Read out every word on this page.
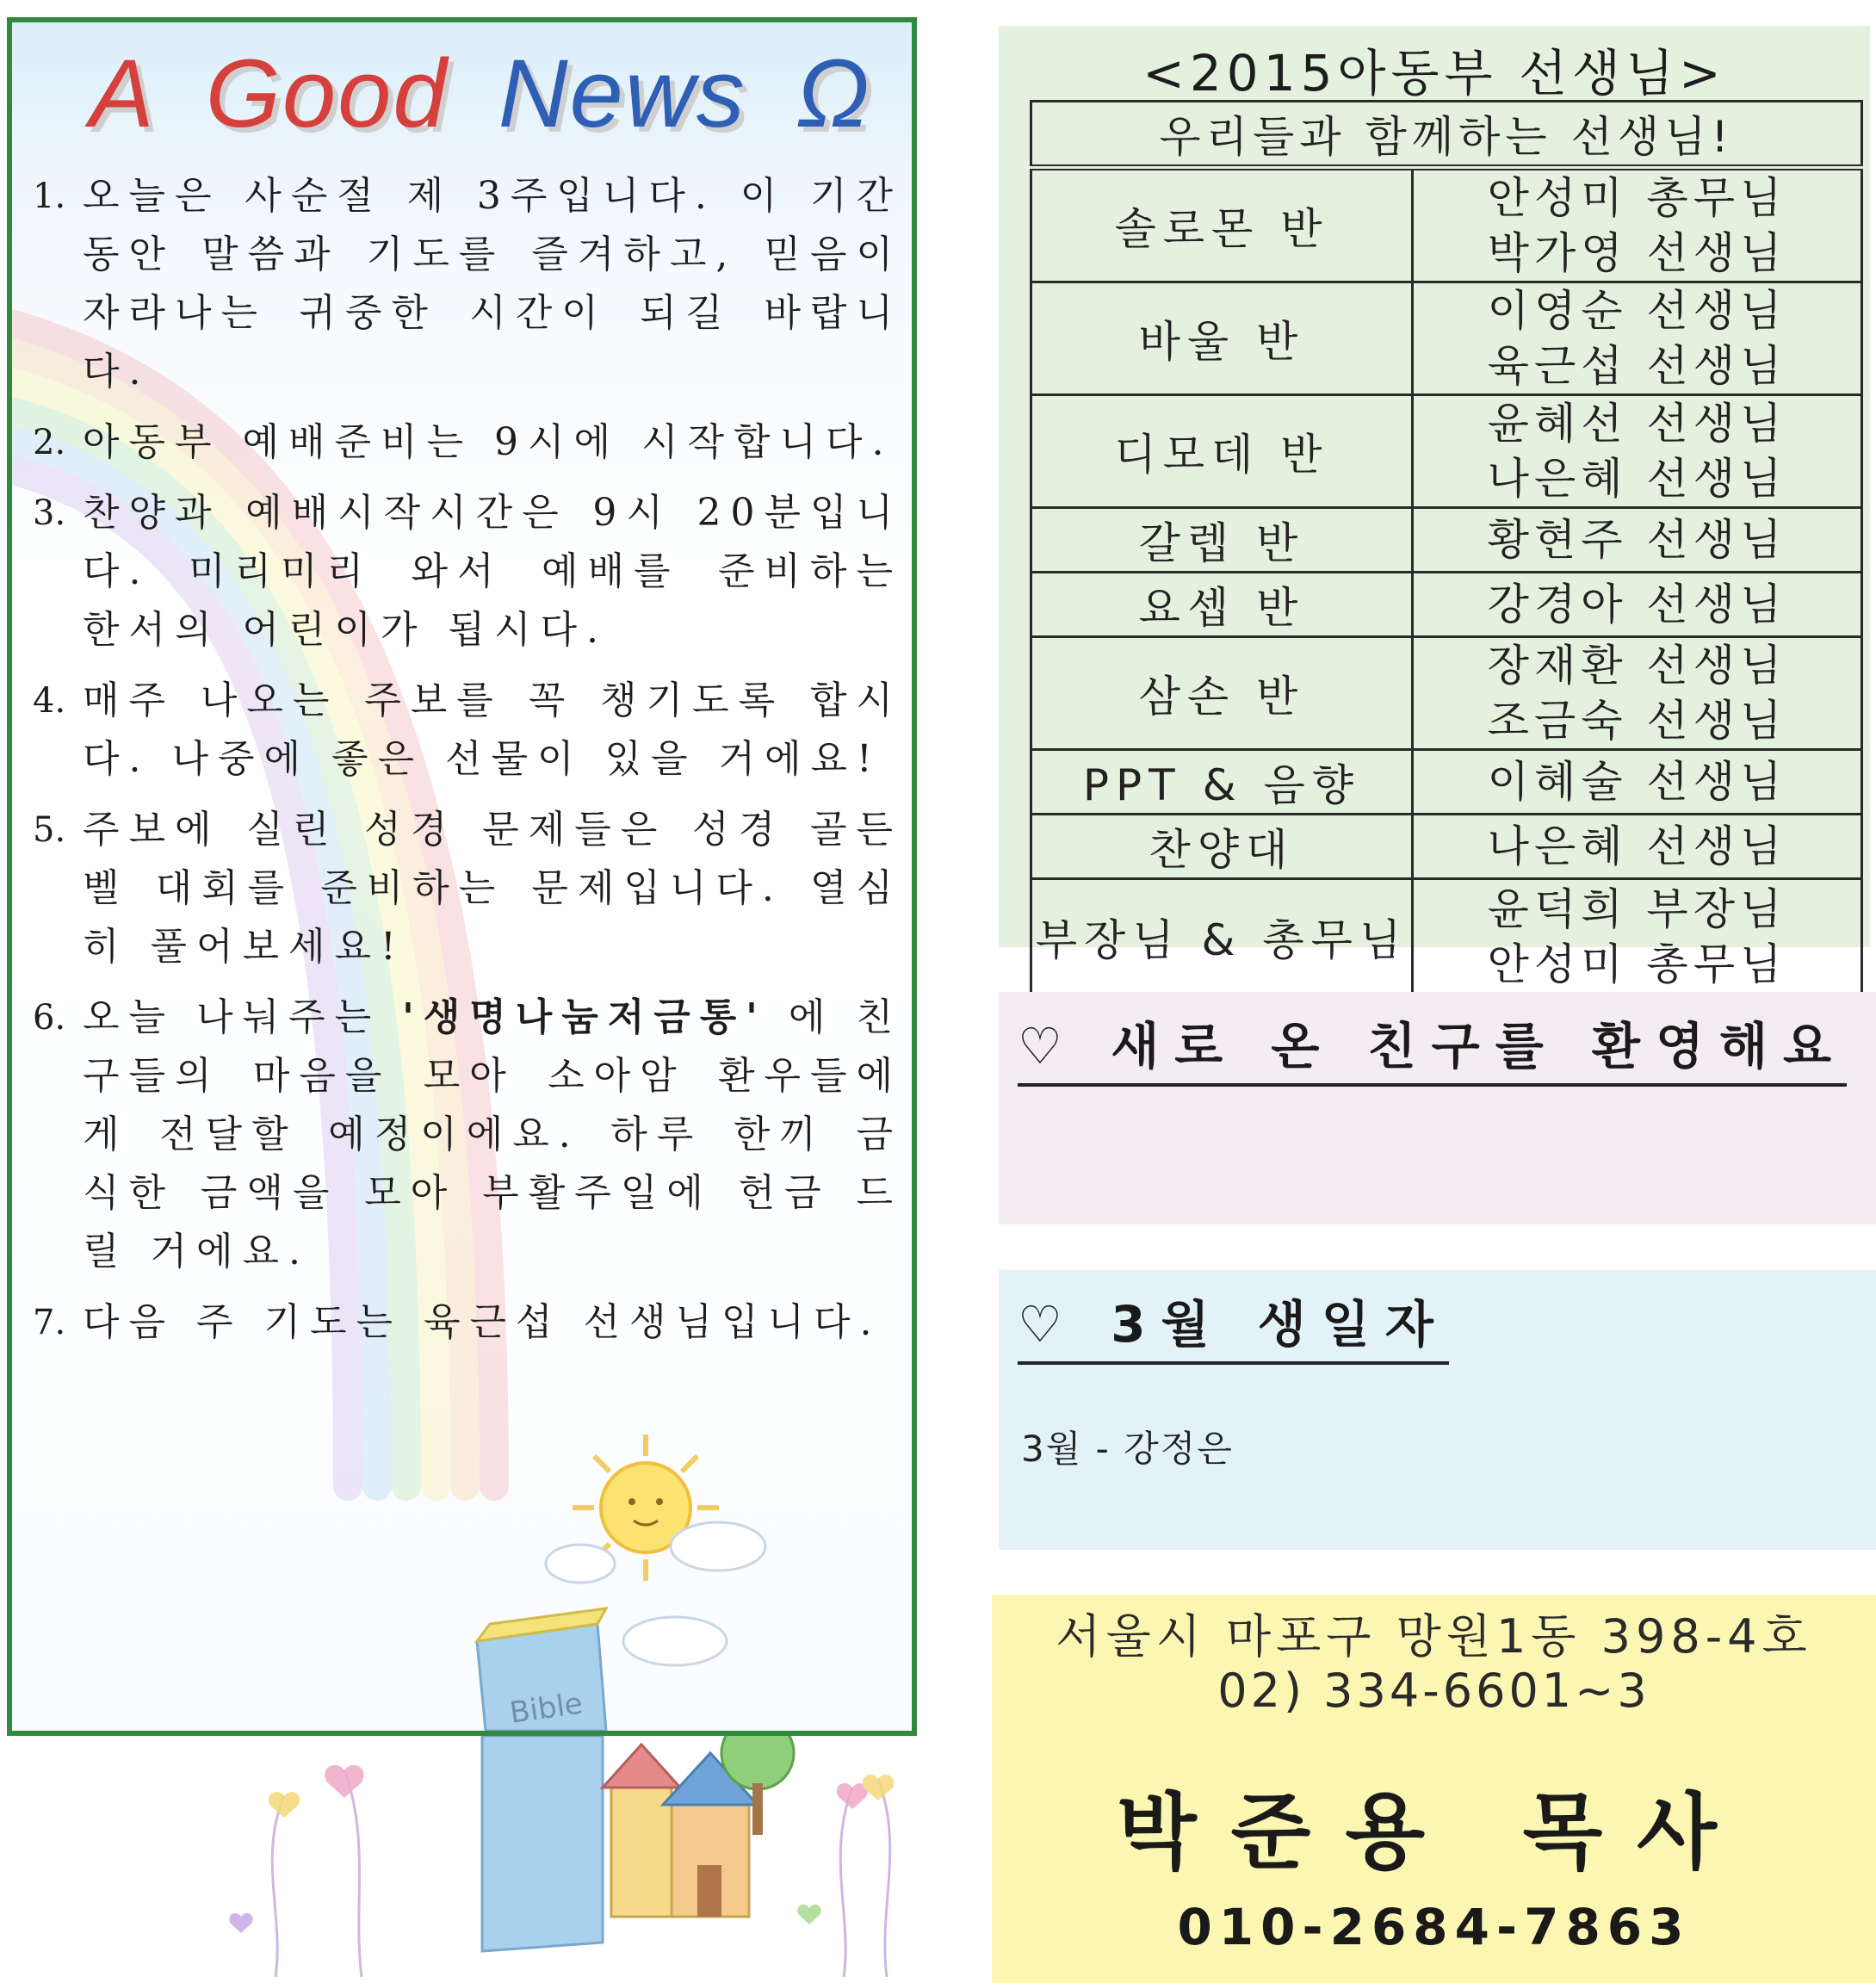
Bible
A Good News Ω
1. 오늘은 사순절 제 3주입니다. 이 기간 동안 말씀과 기도를 즐겨하고, 믿음이 자라나는 귀중한 시간이 되길 바랍니다.
2. 아동부 예배준비는 9시에 시작합니다.
3. 찬양과 예배시작시간은 9시 20분입니다. 미리미리 와서 예배를 준비하는 한서의 어린이가 됩시다.
4. 매주 나오는 주보를 꼭 챙기도록 합시다. 나중에 좋은 선물이 있을 거에요!
5. 주보에 실린 성경 문제들은 성경 골든벨 대회를 준비하는 문제입니다. 열심히 풀어보세요!
6. 오늘 나눠주는 '생명나눔저금통' 에 친구들의 마음을 모아 소아암 환우들에게 전달할 예정이에요. 하루 한끼 금식한 금액을 모아 부활주일에 헌금 드릴 거에요.
7. 다음 주 기도는 육근섭 선생님입니다.
<2015아동부 선생님>
우리들과 함께하는 선생님!	
솔로몬 반	안성미 총무님
박가영 선생님

바울 반	이영순 선생님
육근섭 선생님

디모데 반	윤혜선 선생님
나은혜 선생님

갈렙 반	황현주 선생님

요셉 반	강경아 선생님

삼손 반	장재환 선생님
조금숙 선생님

PPT & 음향	이혜술 선생님

찬양대	나은혜 선생님

부장님 & 총무님	윤덕희 부장님
안성미 총무님
♡ 새로 온 친구를 환영해요
♡ 3월 생일자
3월 - 강정은
서울시 마포구 망원1동 398-4호
02) 334-6601~3
박준용 목사
010-2684-7863
